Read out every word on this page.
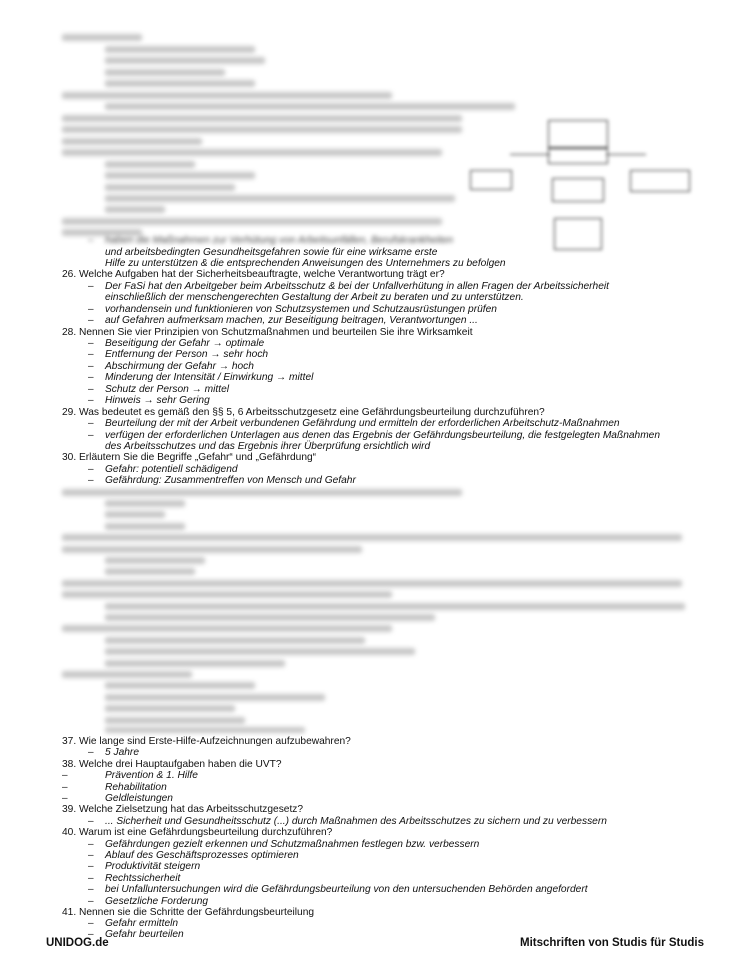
– haben die Maßnahmen zur Verhütung von Arbeitsunfällen, Berufskrankheiten
und arbeitsbedingten Gesundheitsgefahren sowie für eine wirksame erste
Hilfe zu unterstützen & die entsprechenden Anweisungen des Unternehmers zu befolgen
26. Welche Aufgaben hat der Sicherheitsbeauftragte, welche Verantwortung trägt er?
– Der FaSi hat den Arbeitgeber beim Arbeitsschutz & bei der Unfallverhütung in allen Fragen der Arbeitssicherheit
einschließlich der menschengerechten Gestaltung der Arbeit zu beraten und zu unterstützen.
– vorhandensein und funktionieren von Schutzsystemen und Schutzausrüstungen prüfen
– auf Gefahren aufmerksam machen, zur Beseitigung beitragen, Verantwortungen ...
28. Nennen Sie vier Prinzipien von Schutzmaßnahmen und beurteilen Sie ihre Wirksamkeit
– Beseitigung der Gefahr → optimale
– Entfernung der Person → sehr hoch
– Abschirmung der Gefahr → hoch
– Minderung der Intensität / Einwirkung → mittel
– Schutz der Person → mittel
– Hinweis → sehr Gering
29. Was bedeutet es gemäß den §§ 5, 6 Arbeitsschutzgesetz eine Gefährdungsbeurteilung durchzuführen?
– Beurteilung der mit der Arbeit verbundenen Gefährdung und ermitteln der erforderlichen Arbeitschutz-Maßnahmen
– verfügen der erforderlichen Unterlagen aus denen das Ergebnis der Gefährdungsbeurteilung, die festgelegten Maßnahmen
des Arbeitsschutzes und das Ergebnis ihrer Überprüfung ersichtlich wird
30. Erläutern Sie die Begriffe „Gefahr“ und „Gefährdung“
– Gefahr: potentiell schädigend
– Gefährdung: Zusammentreffen von Mensch und Gefahr
37. Wie lange sind Erste-Hilfe-Aufzeichnungen aufzubewahren?
– 5 Jahre
38. Welche drei Hauptaufgaben haben die UVT?
–	Prävention & 1. Hilfe
–	Rehabilitation
–	Geldleistungen
39. Welche Zielsetzung hat das Arbeitsschutzgesetz?
– ... Sicherheit und Gesundheitsschutz (...) durch Maßnahmen des Arbeitsschutzes zu sichern und zu verbessern
40. Warum ist eine Gefährdungsbeurteilung durchzuführen?
– Gefährdungen gezielt erkennen und Schutzmaßnahmen festlegen bzw. verbessern
– Ablauf des Geschäftsprozesses optimieren
– Produktivität steigern
– Rechtssicherheit
– bei Unfalluntersuchungen wird die Gefährdungsbeurteilung von den untersuchenden Behörden angefordert
– Gesetzliche Forderung
41. Nennen sie die Schritte der Gefährdungsbeurteilung
– Gefahr ermitteln
– Gefahr beurteilen
UNIDOG.de	Mitschriften von Studis für Studis
